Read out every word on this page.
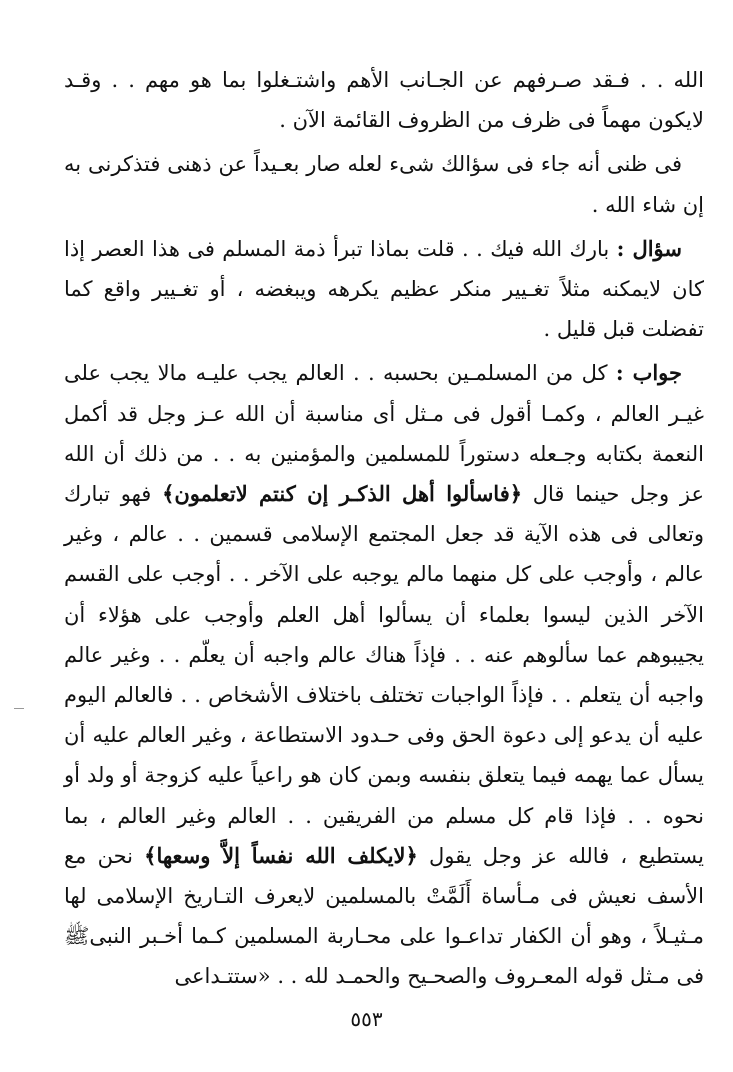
الله . . فـقد صـرفهم عن الجـانب الأهم واشتـغلوا بما هو مهم . . وقـد لايكون مهماً فى ظرف من الظروف القائمة الآن .

فى ظنى أنه جاء فى سؤالك شىء لعله صار بعـيداً عن ذهنى فتذكرنى به إن شاء الله .

سؤال : بارك الله فيك . . قلت بماذا تبرأ ذمة المسلم فى هذا العصر إذا كان لايمكنه مثلاً تغـيير منكر عظيم يكرهه ويبغضه ، أو تغـيير واقع كما تفضلت قبل قليل .

جواب : كل من المسلمـين بحسبه . . العالم يجب عليـه مالا يجب على غيـر العالم ، وكمـا أقول فى مـثل أى مناسبة أن الله عـز وجل قد أكمل النعمة بكتابه وجـعله دستوراً للمسلمين والمؤمنين به . . من ذلك أن الله عز وجل حينما قال ﴿فاسألوا أهل الذكـر إن كنتم لاتعلمون﴾ فهو تبارك وتعالى فى هذه الآية قد جعل المجتمع الإسلامى قسمين . . عالم ، وغير عالم ، وأوجب على كل منهما مالم يوجبه على الآخر . . أوجب على القسم الآخر الذين ليسوا بعلماء أن يسألوا أهل العلم وأوجب على هؤلاء أن يجيبوهم عما سألوهم عنه . . فإذاً هناك عالم واجبه أن يعلّم . . وغير عالم واجبه أن يتعلم . . فإذاً الواجبات تختلف باختلاف الأشخاص . . فالعالم اليوم عليه أن يدعو إلى دعوة الحق وفى حـدود الاستطاعة ، وغير العالم عليه أن يسأل عما يهمه فيما يتعلق بنفسه وبمن كان هو راعياً عليه كزوجة أو ولد أو نحوه . . فإذا قام كل مسلم من الفريقين . . العالم وغير العالم ، بما يستطيع ، فالله عز وجل يقول ﴿لايكلف الله نفساً إلاَّ وسعها﴾ نحن مع الأسف نعيش فى مـأساة أَلَمَّتْ بالمسلمين لايعرف التـاريخ الإسلامى لها مـثيـلاً ، وهو أن الكفار تداعـوا على محـاربة المسلمين كـما أخـبر النبىﷺ فى مـثل قوله المعـروف والصحـيح والحمـد لله . . «ستتـداعى

٥٥٣
